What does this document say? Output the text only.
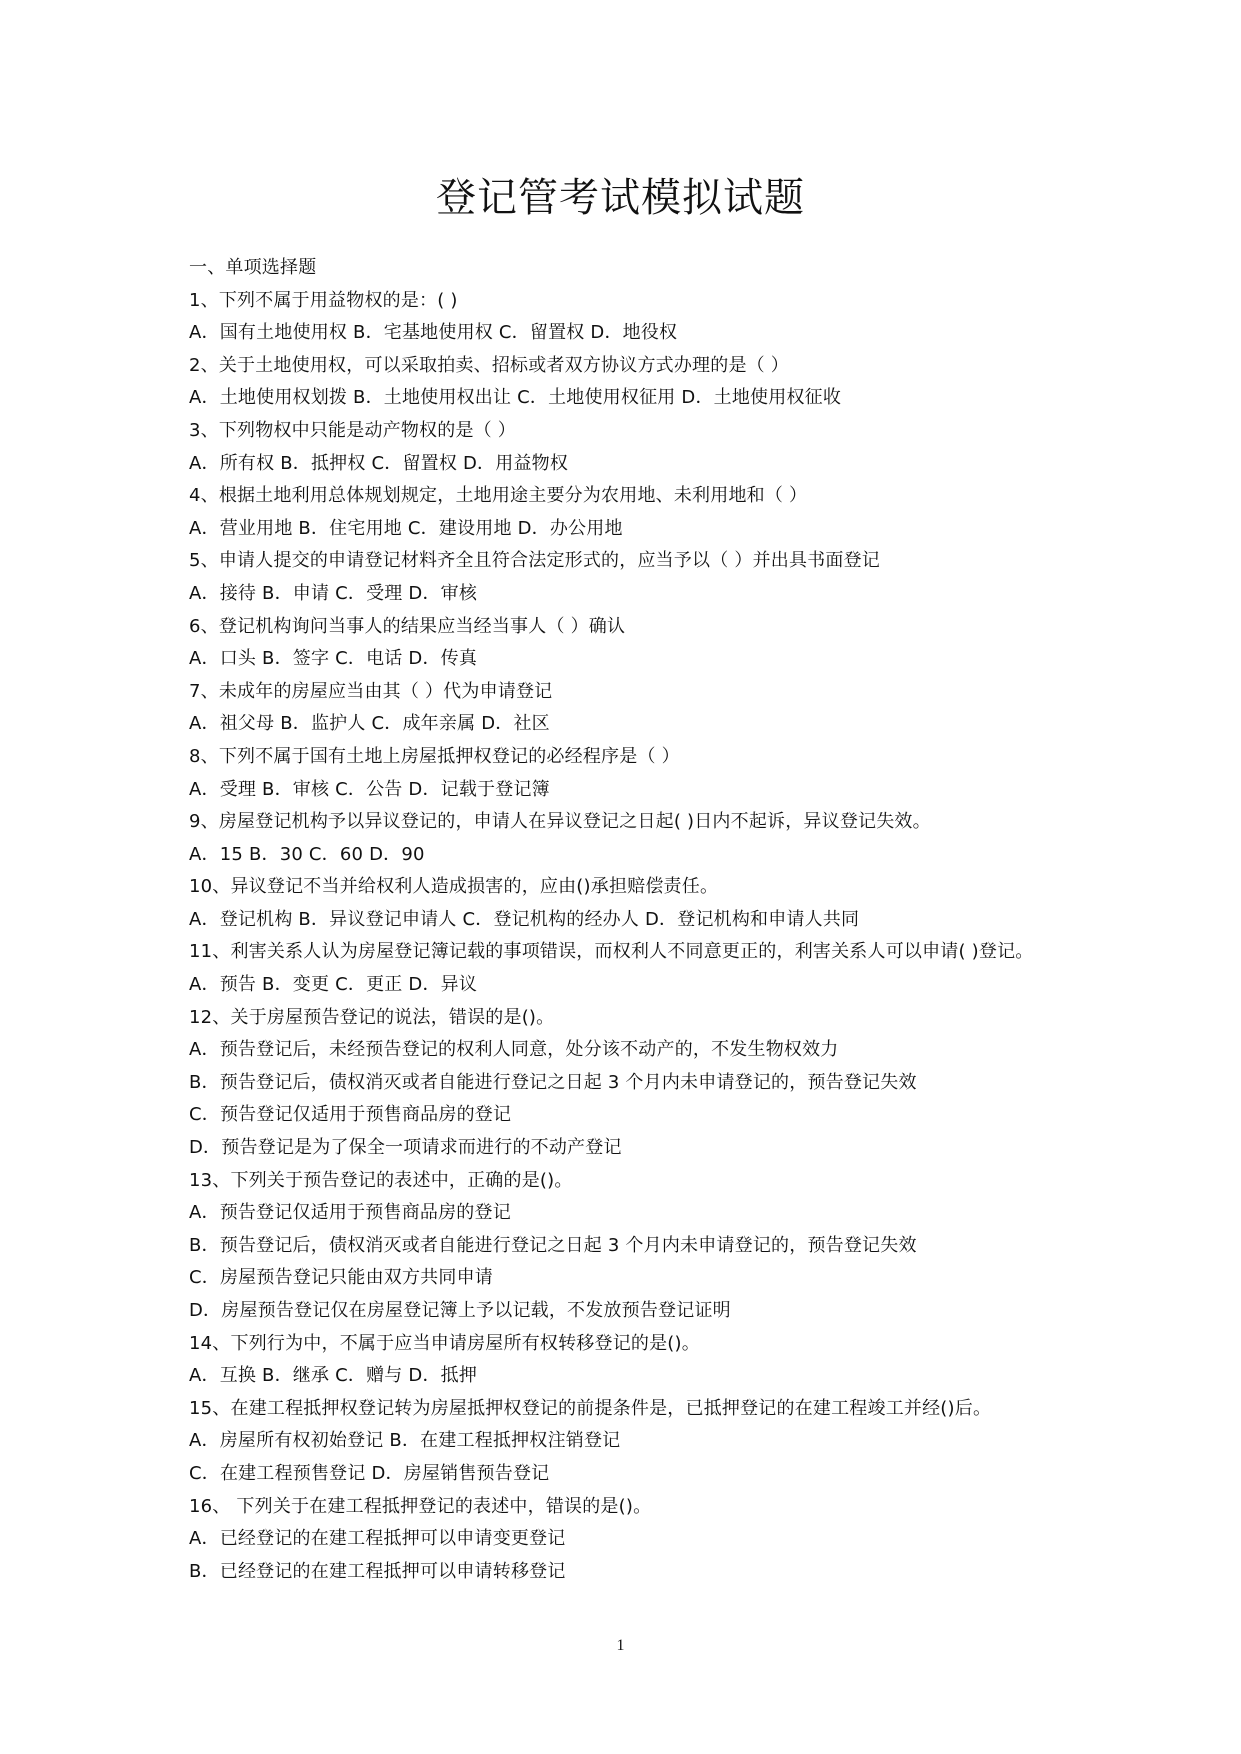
登记管考试模拟试题
一、单项选择题
1、下列不属于用益物权的是：( )
A．国有土地使用权 B．宅基地使用权 C．留置权 D．地役权
2、关于土地使用权，可以采取拍卖、招标或者双方协议方式办理的是（ ）
A．土地使用权划拨 B．土地使用权出让 C．土地使用权征用 D．土地使用权征收
3、下列物权中只能是动产物权的是（ ）
A．所有权 B．抵押权 C．留置权 D．用益物权
4、根据土地利用总体规划规定，土地用途主要分为农用地、未利用地和（ ）
A．营业用地 B．住宅用地 C．建设用地 D．办公用地
5、申请人提交的申请登记材料齐全且符合法定形式的，应当予以（ ）并出具书面登记
A．接待 B．申请 C．受理 D．审核
6、登记机构询问当事人的结果应当经当事人（ ）确认
A．口头 B．签字 C．电话 D．传真
7、未成年的房屋应当由其（ ）代为申请登记
A．祖父母 B．监护人 C．成年亲属 D．社区
8、下列不属于国有土地上房屋抵押权登记的必经程序是（ ）
A．受理 B．审核 C．公告 D．记载于登记簿
9、房屋登记机构予以异议登记的，申请人在异议登记之日起( )日内不起诉，异议登记失效。
A．15 B．30 C．60 D．90
10、异议登记不当并给权利人造成损害的，应由()承担赔偿责任。
A．登记机构 B．异议登记申请人 C．登记机构的经办人 D．登记机构和申请人共同
11、利害关系人认为房屋登记簿记载的事项错误，而权利人不同意更正的，利害关系人可以申请( )登记。
A．预告 B．变更 C．更正 D．异议
12、关于房屋预告登记的说法，错误的是()。
A．预告登记后，未经预告登记的权利人同意，处分该不动产的，不发生物权效力
B．预告登记后，债权消灭或者自能进行登记之日起 3 个月内未申请登记的，预告登记失效
C．预告登记仅适用于预售商品房的登记
D．预告登记是为了保全一项请求而进行的不动产登记
13、下列关于预告登记的表述中，正确的是()。
A．预告登记仅适用于预售商品房的登记
B．预告登记后，债权消灭或者自能进行登记之日起 3 个月内未申请登记的，预告登记失效
C．房屋预告登记只能由双方共同申请
D．房屋预告登记仅在房屋登记簿上予以记载，不发放预告登记证明
14、下列行为中，不属于应当申请房屋所有权转移登记的是()。
A．互换 B．继承 C．赠与 D．抵押
15、在建工程抵押权登记转为房屋抵押权登记的前提条件是，已抵押登记的在建工程竣工并经()后。
A．房屋所有权初始登记 B．在建工程抵押权注销登记
C．在建工程预售登记 D．房屋销售预告登记
16、 下列关于在建工程抵押登记的表述中，错误的是()。
A．已经登记的在建工程抵押可以申请变更登记
B．已经登记的在建工程抵押可以申请转移登记
1
